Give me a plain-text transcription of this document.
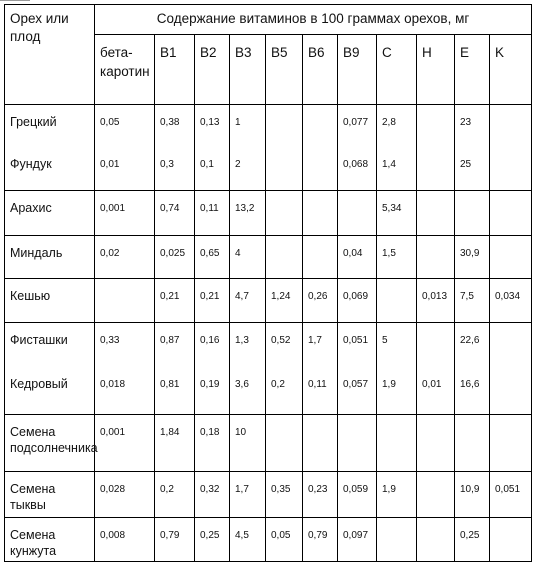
Орех или плод	Содержание витаминов в 100 граммах орехов, мг										
	бета-каротин	B1	B2	B3	B5	B6	B9	C	H	E	K
Грецкий	0,05	0,38	0,13	1			0,077	2,8		23	
Фундук	0,01	0,3	0,1	2			0,068	1,4		25	
Арахис	0,001	0,74	0,11	13,2				5,34			
Миндаль	0,02	0,025	0,65	4			0,04	1,5		30,9	
Кешью		0,21	0,21	4,7	1,24	0,26	0,069		0,013	7,5	0,034
Фисташки	0,33	0,87	0,16	1,3	0,52	1,7	0,051	5		22,6	
Кедровый	0,018	0,81	0,19	3,6	0,2	0,11	0,057	1,9	0,01	16,6	
Семена подсолнечника	0,001	1,84	0,18	10							
Семена тыквы	0,028	0,2	0,32	1,7	0,35	0,23	0,059	1,9		10,9	0,051
Семена кунжута	0,008	0,79	0,25	4,5	0,05	0,79	0,097			0,25	
